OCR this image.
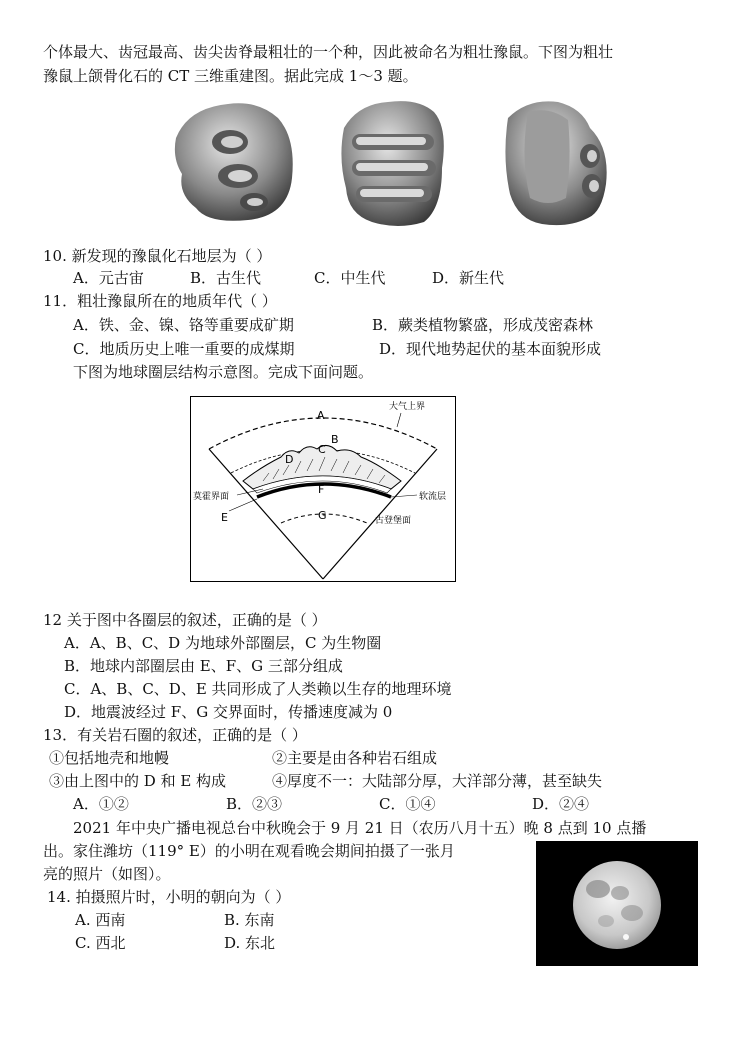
个体最大、齿冠最高、齿尖齿脊最粗壮的一个种，因此被命名为粗壮豫鼠。下图为粗壮
豫鼠上颌骨化石的 CT 三维重建图。据此完成 1～3 题。
10. 新发现的豫鼠化石地层为（ ）
A．元古宙	B．古生代	C．中生代	D．新生代
11．粗壮豫鼠所在的地质年代（ ）
A．铁、金、镍、铬等重要成矿期	B．蕨类植物繁盛，形成茂密森林
C．地质历史上唯一重要的成煤期	D．现代地势起伏的基本面貌形成
下图为地球圈层结构示意图。完成下面问题。
A
B
C
D
F
G
E
大气上界
莫霍界面	软流层
古登堡面
12 关于图中各圈层的叙述，正确的是（ ）
A．A、B、C、D 为地球外部圈层，C 为生物圈
B．地球内部圈层由 E、F、G 三部分组成
C．A、B、C、D、E 共同形成了人类赖以生存的地理环境
D．地震波经过 F、G 交界面时，传播速度减为 0
13．有关岩石圈的叙述，正确的是（ ）
①包括地壳和地幔	②主要是由各种岩石组成
③由上图中的 D 和 E 构成	④厚度不一：大陆部分厚，大洋部分薄，甚至缺失
A．①②	B．②③	C．①④	D．②④
2021 年中央广播电视总台中秋晚会于 9 月 21 日（农历八月十五）晚 8 点到 10 点播
出。家住潍坊（119° E）的小明在观看晚会期间拍摄了一张月
亮的照片（如图）。
14. 拍摄照片时，小明的朝向为（ ）
A. 西南	B. 东南
C. 西北	D. 东北
